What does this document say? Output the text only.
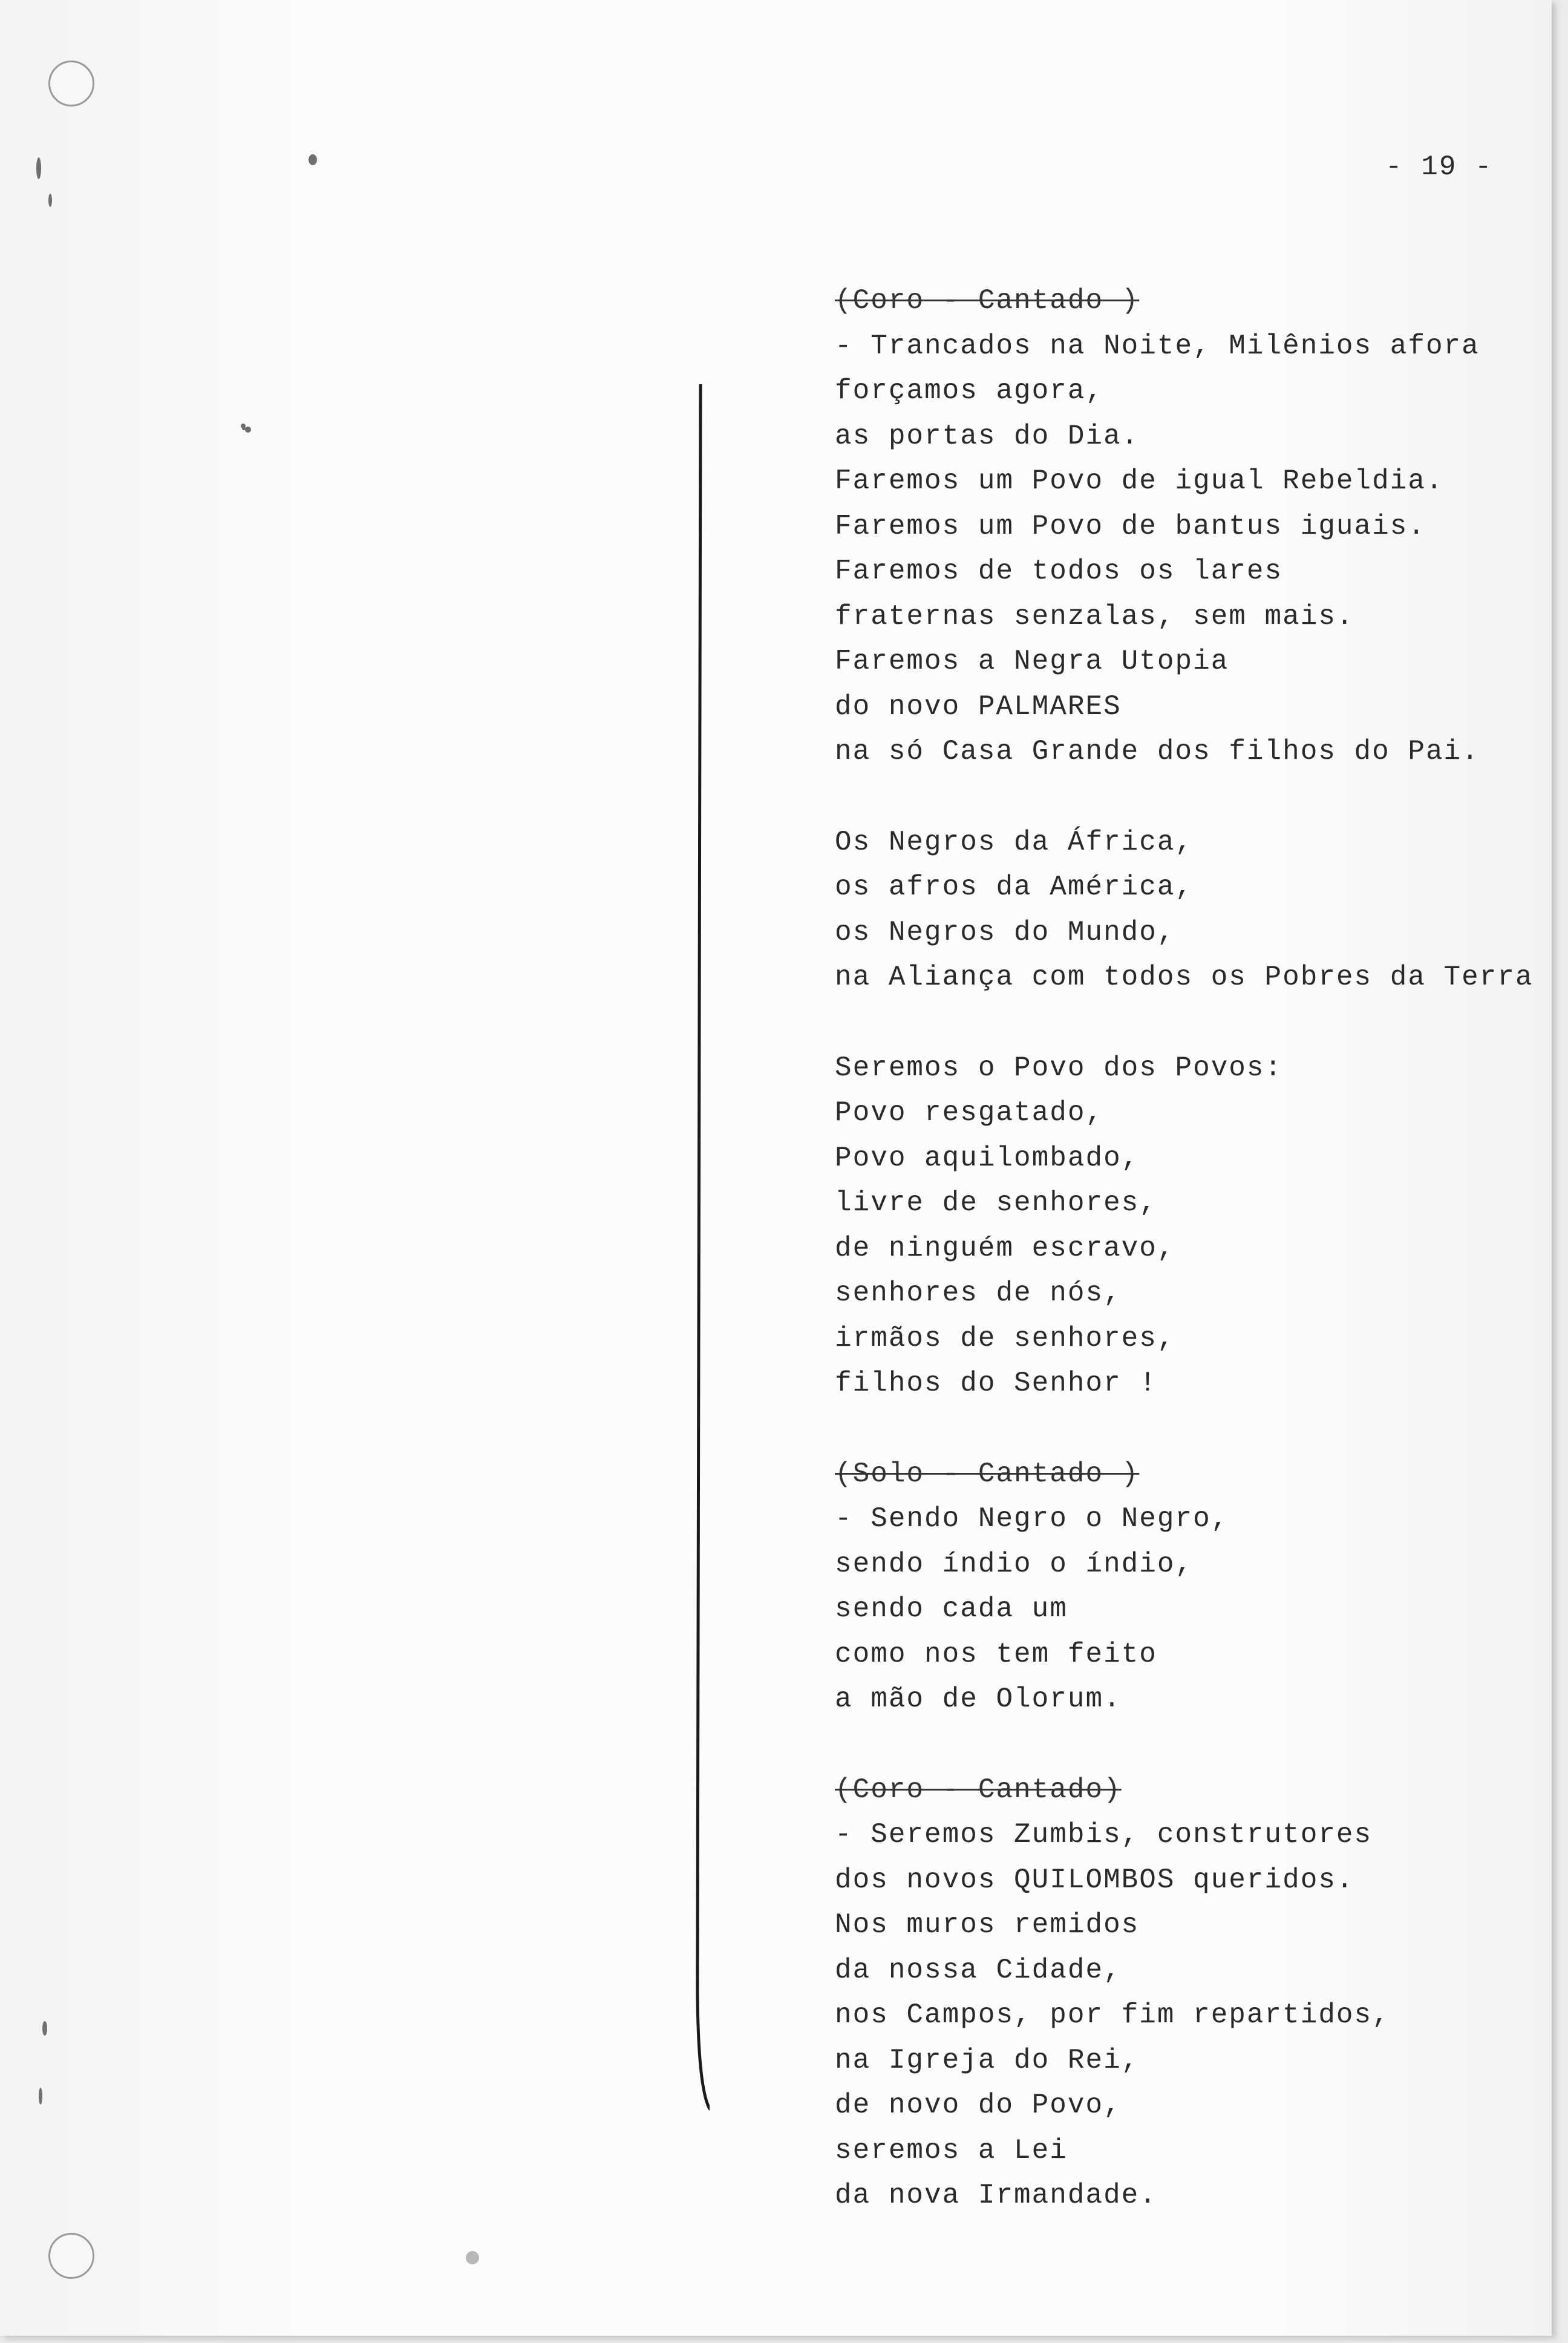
- 19 -
(Coro - Cantado )
- Trancados na Noite, Milênios afora
forçamos agora,
as portas do Dia.
Faremos um Povo de igual Rebeldia.
Faremos um Povo de bantus iguais.
Faremos de todos os lares
fraternas senzalas, sem mais.
Faremos a Negra Utopia
do novo PALMARES
na só Casa Grande dos filhos do Pai.
Os Negros da África,
os afros da América,
os Negros do Mundo,
na Aliança com todos os Pobres da Terra
Seremos o Povo dos Povos:
Povo resgatado,
Povo aquilombado,
livre de senhores,
de ninguém escravo,
senhores de nós,
irmãos de senhores,
filhos do Senhor !
(Solo - Cantado )
- Sendo Negro o Negro,
sendo índio o índio,
sendo cada um
como nos tem feito
a mão de Olorum.
(Coro - Cantado)
- Seremos Zumbis, construtores
dos novos QUILOMBOS queridos.
Nos muros remidos
da nossa Cidade,
nos Campos, por fim repartidos,
na Igreja do Rei,
de novo do Povo,
seremos a Lei
da nova Irmandade.
